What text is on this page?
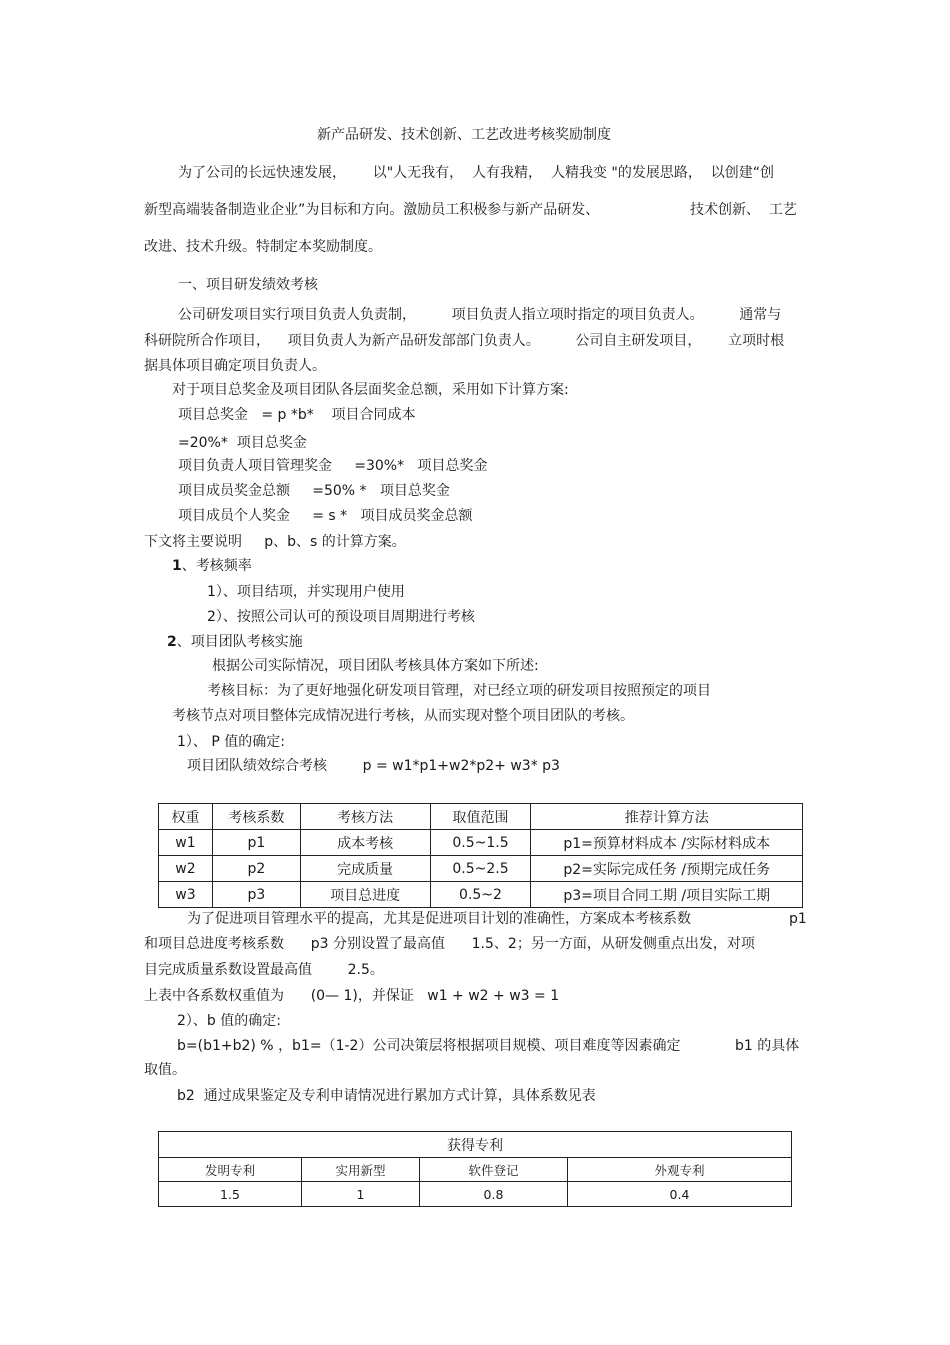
新产品研发、技术创新、工艺改进考核奖励制度
为了公司的长远快速发展，      以"人无我有，  人有我精，  人精我变 "的发展思路，  以创建“创
新型高端装备制造业企业”为目标和方向。激励员工积极参与新产品研发、	技术创新、  工艺
改进、技术升级。特制定本奖励制度。
一、项目研发绩效考核
公司研发项目实行项目负责人负责制，        项目负责人指立项时指定的项目负责人。        通常与
科研院所合作项目，    项目负责人为新产品研发部部门负责人。        公司自主研发项目，      立项时根
据具体项目确定项目负责人。
对于项目总奖金及项目团队各层面奖金总额，采用如下计算方案:
项目总奖金   = p *b*    项目合同成本
=20%*  项目总奖金
项目负责人项目管理奖金     =30%*   项目总奖金
项目成员奖金总额     =50% *   项目总奖金
项目成员个人奖金     = s *   项目成员奖金总额
下文将主要说明     p、b、s 的计算方案。
1、考核频率
1）、项目结项，并实现用户使用
2）、按照公司认可的预设项目周期进行考核
2、项目团队考核实施
根据公司实际情况，项目团队考核具体方案如下所述:
考核目标：为了更好地强化研发项目管理，对已经立项的研发项目按照预定的项目
考核节点对项目整体完成情况进行考核，从而实现对整个项目团队的考核。
1）、 P 值的确定:
项目团队绩效综合考核        p = w1*p1+w2*p2+ w3* p3
权重	考核系数	考核方法	取值范围	推荐计算方法
w1	p1	成本考核	0.5~1.5	p1=预算材料成本 /实际材料成本
w2	p2	完成质量	0.5~2.5	p2=实际完成任务 /预期完成任务
w3	p3	项目总进度	0.5~2	p3=项目合同工期 /项目实际工期
为了促进项目管理水平的提高，尤其是促进项目计划的准确性，方案成本考核系数	p1
和项目总进度考核系数      p3 分别设置了最高值      1.5、2；另一方面，从研发侧重点出发，对项
目完成质量系数设置最高值        2.5。
上表中各系数权重值为      (0— 1)，并保证   w1 + w2 + w3 = 1
2）、b 值的确定:
b=(b1+b2) % ，b1=（1-2）公司决策层将根据项目规模、项目难度等因素确定	b1 的具体
取值。
b2  通过成果鉴定及专利申请情况进行累加方式计算，具体系数见表
获得专利			
发明专利	实用新型	软件登记	外观专利
1.5	1	0.8	0.4
